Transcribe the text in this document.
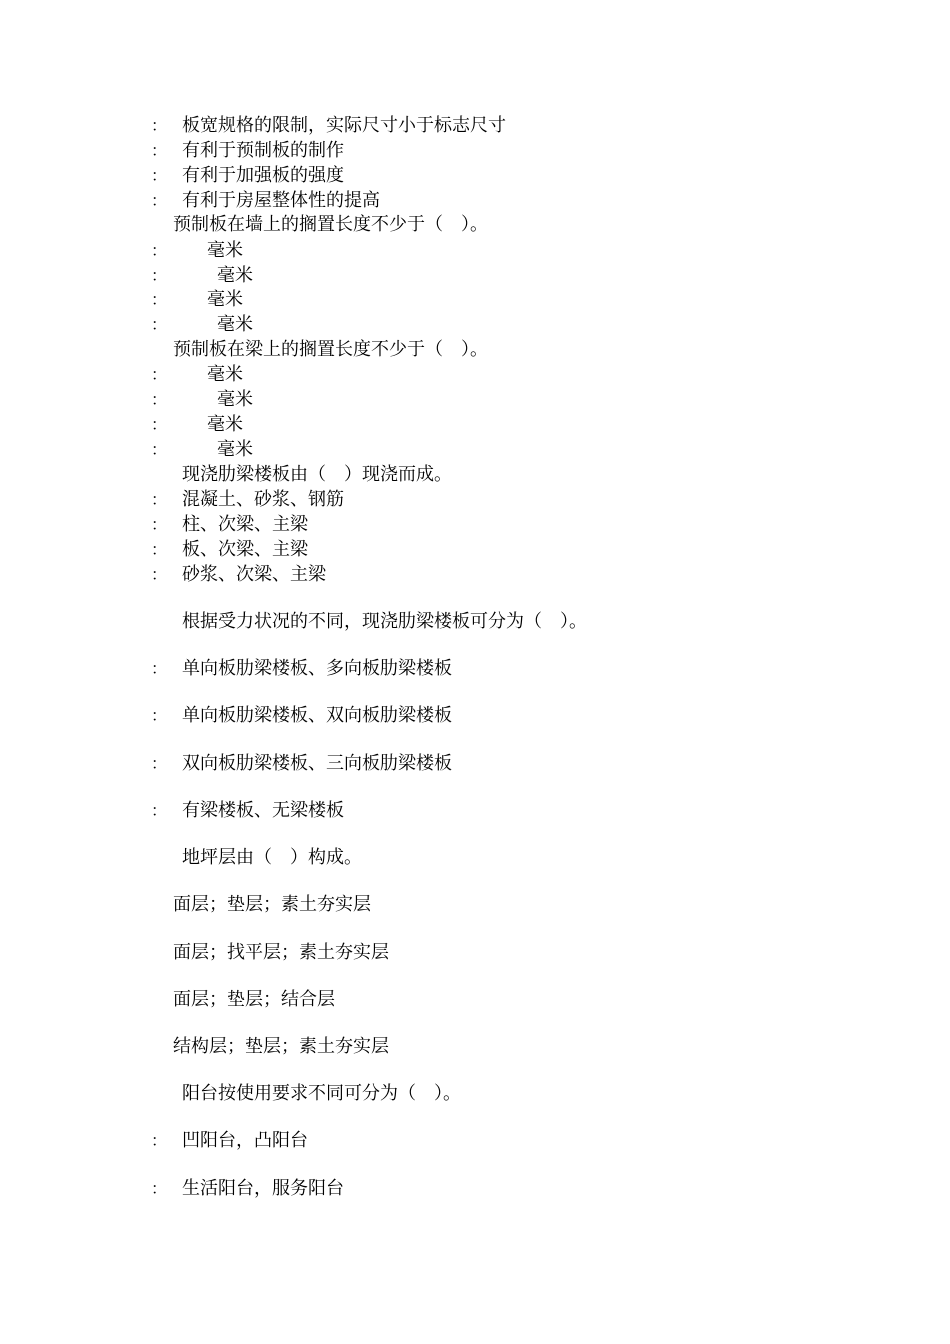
： 板宽规格的限制，实际尺寸小于标志尺寸
： 有利于预制板的制作
： 有利于加强板的强度
： 有利于房屋整体性的提高
预制板在墙上的搁置长度不少于（　）。
： 毫米
：	毫米
： 毫米
：	毫米
预制板在梁上的搁置长度不少于（　）。
： 毫米
：	毫米
： 毫米
：	毫米
现浇肋梁楼板由（　）现浇而成。
： 混凝土、砂浆、钢筋
： 柱、次梁、主梁
： 板、次梁、主梁
： 砂浆、次梁、主梁
根据受力状况的不同，现浇肋梁楼板可分为（　）。
： 单向板肋梁楼板、多向板肋梁楼板
： 单向板肋梁楼板、双向板肋梁楼板
： 双向板肋梁楼板、三向板肋梁楼板
： 有梁楼板、无梁楼板
地坪层由（　）构成。
面层；垫层；素土夯实层
面层；找平层；素土夯实层
面层；垫层；结合层
结构层；垫层；素土夯实层
阳台按使用要求不同可分为（　）。
： 凹阳台，凸阳台
： 生活阳台，服务阳台
